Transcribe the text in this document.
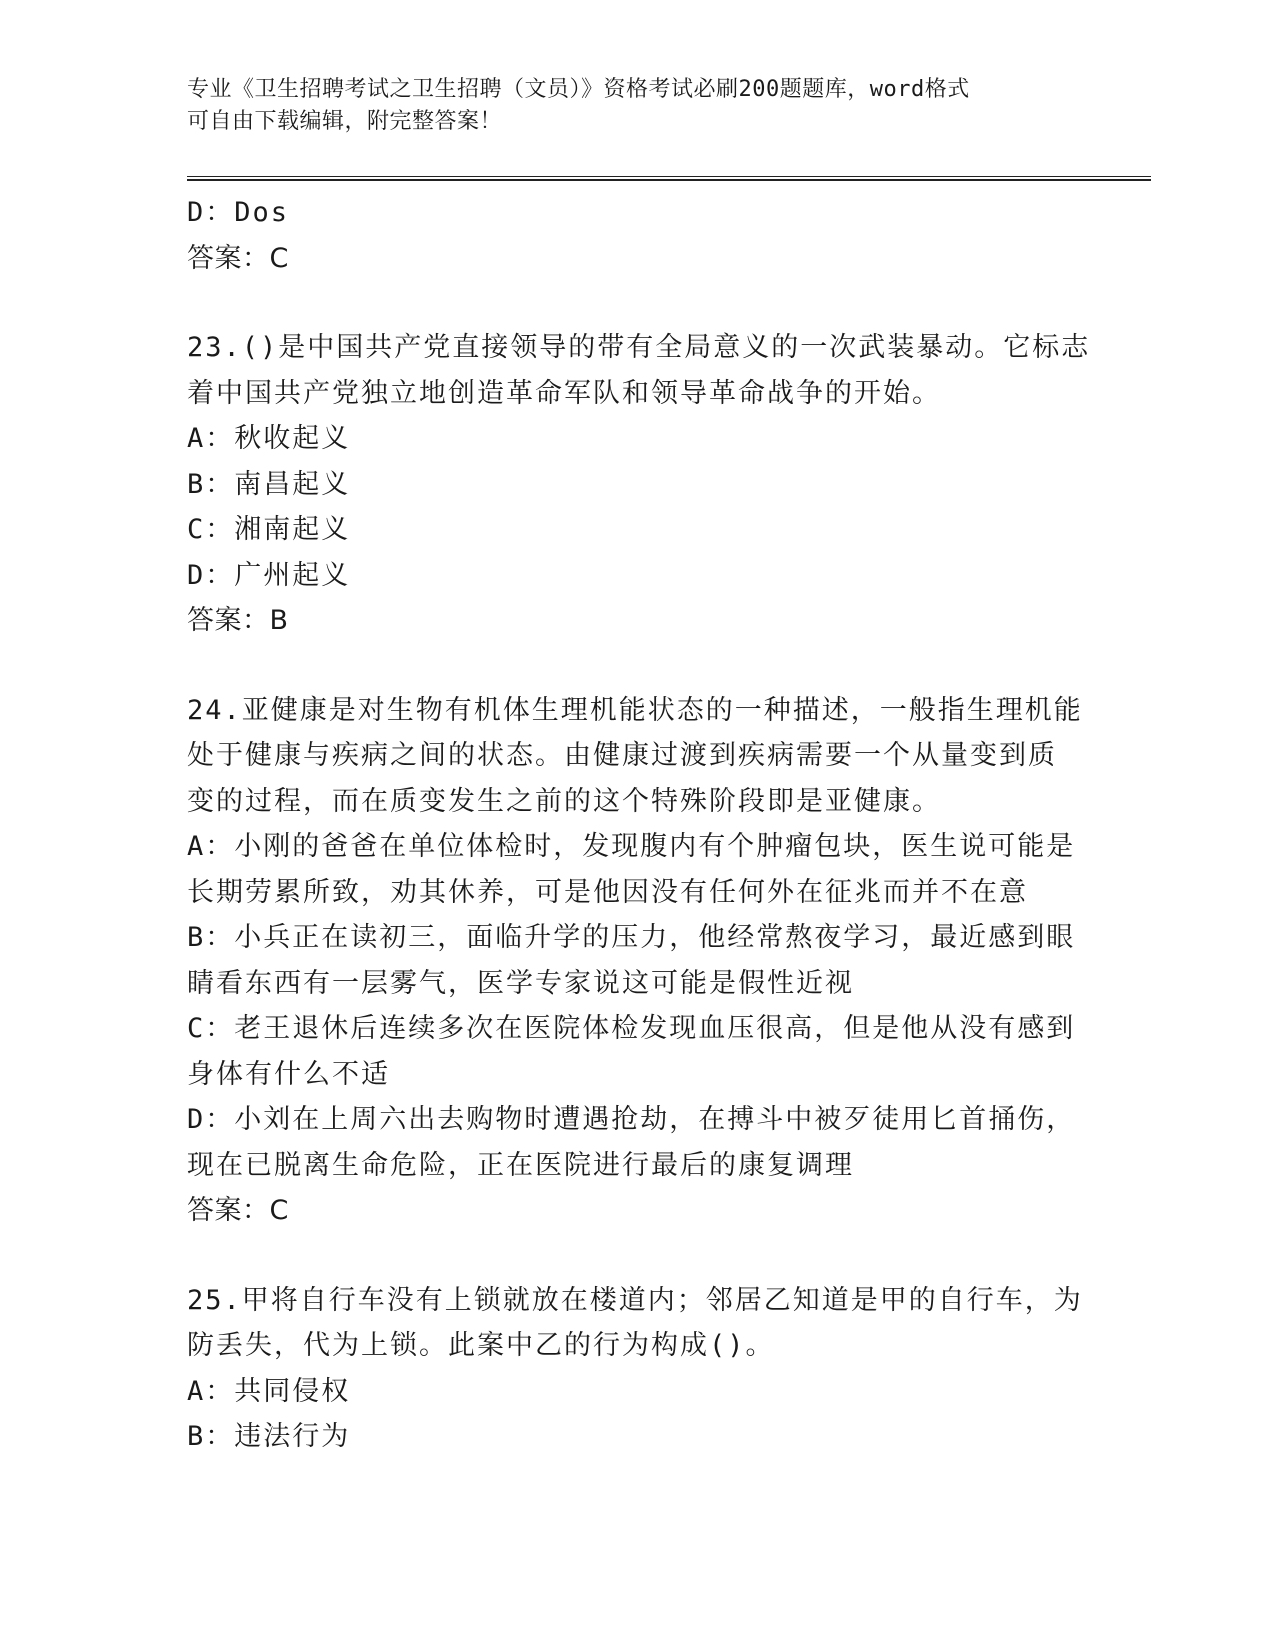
专业《卫生招聘考试之卫生招聘（文员）》资格考试必刷200题题库，word格式
可自由下载编辑，附完整答案！
D：Dos
答案：C
23.()是中国共产党直接领导的带有全局意义的一次武装暴动。它标志
着中国共产党独立地创造革命军队和领导革命战争的开始。
A：秋收起义
B：南昌起义
C：湘南起义
D：广州起义
答案：B
24.亚健康是对生物有机体生理机能状态的一种描述，一般指生理机能
处于健康与疾病之间的状态。由健康过渡到疾病需要一个从量变到质
变的过程，而在质变发生之前的这个特殊阶段即是亚健康。
A：小刚的爸爸在单位体检时，发现腹内有个肿瘤包块，医生说可能是
长期劳累所致，劝其休养，可是他因没有任何外在征兆而并不在意
B：小兵正在读初三，面临升学的压力，他经常熬夜学习，最近感到眼
睛看东西有一层雾气，医学专家说这可能是假性近视
C：老王退休后连续多次在医院体检发现血压很高，但是他从没有感到
身体有什么不适
D：小刘在上周六出去购物时遭遇抢劫，在搏斗中被歹徒用匕首捅伤，
现在已脱离生命危险，正在医院进行最后的康复调理
答案：C
25.甲将自行车没有上锁就放在楼道内；邻居乙知道是甲的自行车，为
防丢失，代为上锁。此案中乙的行为构成()。
A：共同侵权
B：违法行为
